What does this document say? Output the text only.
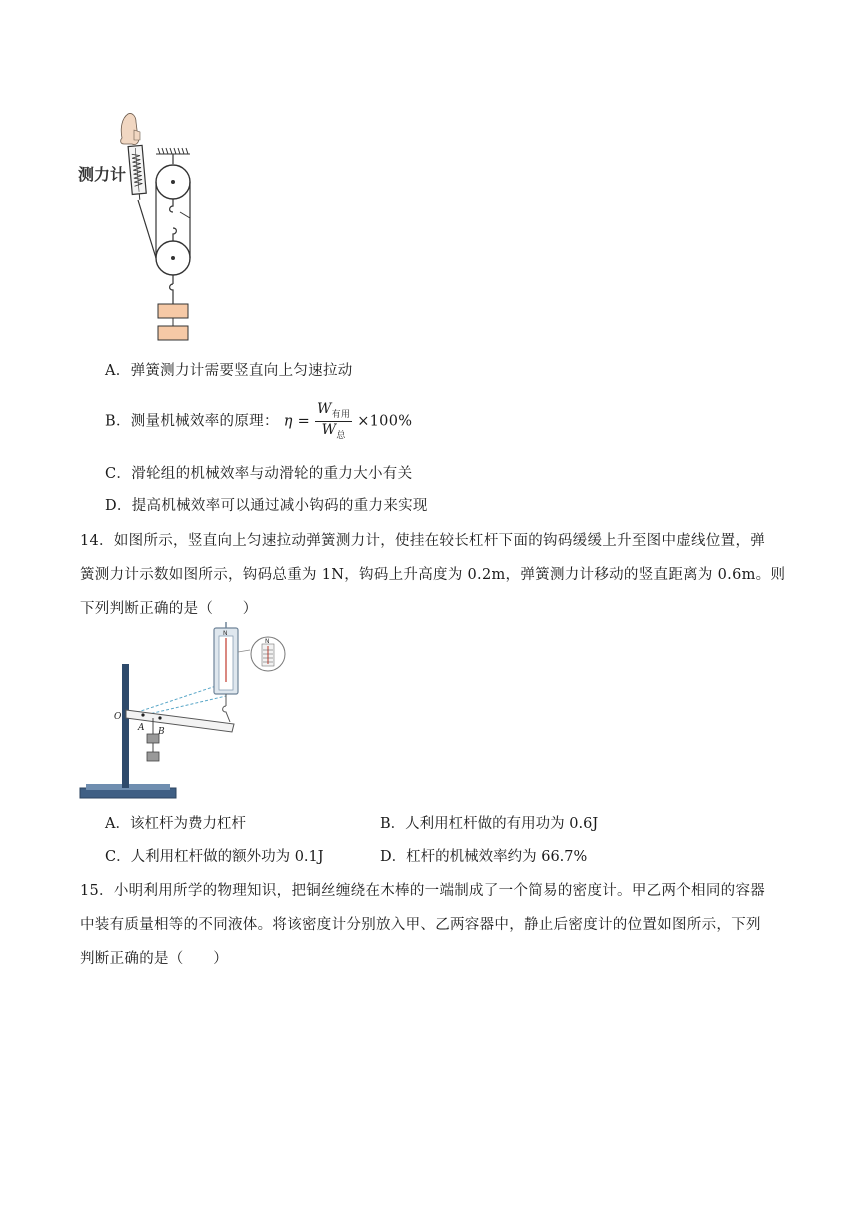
测力计
A．弹簧测力计需要竖直向上匀速拉动
B．测量机械效率的原理： $\eta = \frac{W_{有用}}{W_总} \times 100\%$
C．滑轮组的机械效率与动滑轮的重力大小有关
D．提高机械效率可以通过减小钩码的重力来实现
14．如图所示，竖直向上匀速拉动弹簧测力计，使挂在较长杠杆下面的钩码缓缓上升至图中虚线位置，弹
簧测力计示数如图所示，钩码总重为 1N，钩码上升高度为 0.2m，弹簧测力计移动的竖直距离为 0.6m。则
下列判断正确的是（　　）
O
A B
N
N
A．该杠杆为费力杠杆	B．人利用杠杆做的有用功为 0.6J
C．人利用杠杆做的额外功为 0.1J	D．杠杆的机械效率约为 66.7%
15．小明利用所学的物理知识，把铜丝缠绕在木棒的一端制成了一个简易的密度计。甲乙两个相同的容器
中装有质量相等的不同液体。将该密度计分别放入甲、乙两容器中，静止后密度计的位置如图所示，下列
判断正确的是（　　）
